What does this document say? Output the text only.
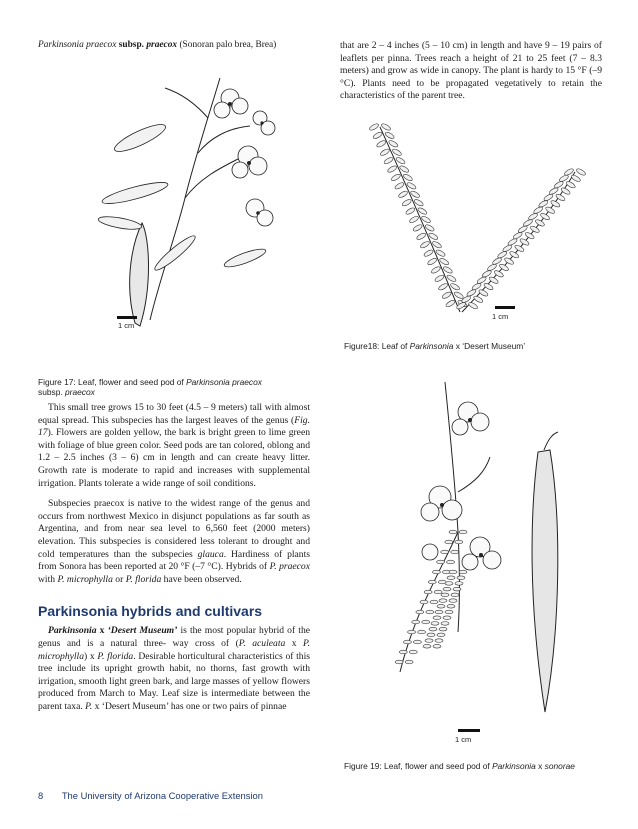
Parkinsonia praecox subsp. praecox (Sonoran palo brea, Brea)
1 cm
Figure 17: Leaf, flower and seed pod of Parkinsonia praecox
subsp. praecox

This small tree grows 15 to 30 feet (4.5 – 9 meters) tall with almost equal spread. This subspecies has the largest leaves of the genus (Fig. 17). Flowers are golden yellow, the bark is bright green to lime green with foliage of blue green color. Seed pods are tan colored, oblong and 1.2 – 2.5 inches (3 – 6) cm in length and can create heavy litter. Growth rate is moderate to rapid and increases with supplemental irrigation. Plants tolerate a wide range of soil conditions.

Subspecies praecox is native to the widest range of the genus and occurs from northwest Mexico in disjunct populations as far south as Argentina, and from near sea level to 6,560 feet (2000 meters) elevation. This subspecies is considered less tolerant to drought and cold temperatures than the subspecies glauca. Hardiness of plants from Sonora has been reported at 20 °F (–7 °C). Hybrids of P. praecox with P. microphylla or P. florida have been observed.

Parkinsonia hybrids and cultivars

Parkinsonia x ‘Desert Museum’ is the most popular hybrid of the genus and is a natural three- way cross of (P. aculeata x P. microphylla) x P. florida. Desirable horticultural characteristics of this tree include its upright growth habit, no thorns, fast growth with irrigation, smooth light green bark, and large masses of yellow flowers produced from March to May. Leaf size is intermediate between the parent taxa. P. x ‘Desert Museum’ has one or two pairs of pinnae

that are 2 – 4 inches (5 – 10 cm) in length and have 9 – 19 pairs of leaflets per pinna. Trees reach a height of 21 to 25 feet (7 – 8.3 meters) and grow as wide in canopy. The plant is hardy to 15 °F (–9 °C). Plants need to be propagated vegetatively to retain the characteristics of the parent tree.

1 cm
Figure18: Leaf of Parkinsonia x ‘Desert Museum’
1 cm
Figure 19: Leaf, flower and seed pod of Parkinsonia x sonorae
8 The University of Arizona Cooperative Extension
